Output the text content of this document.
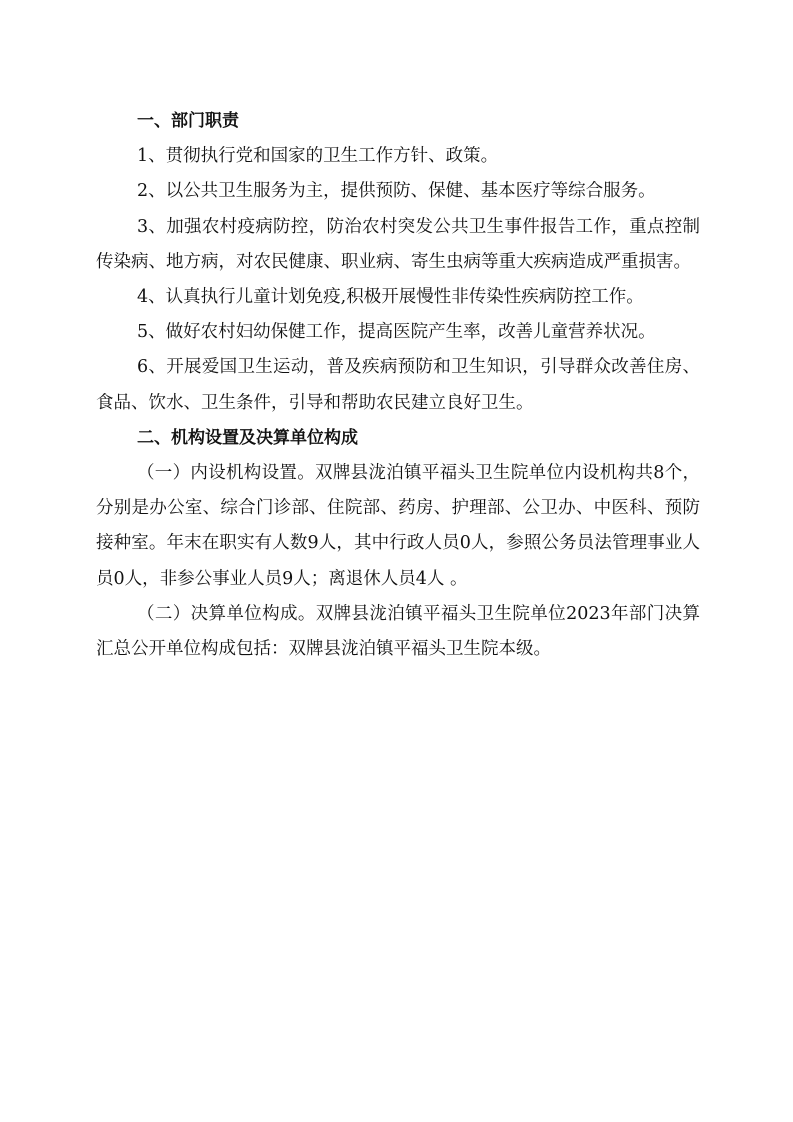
一、部门职责

1、贯彻执行党和国家的卫生工作方针、政策。

2、以公共卫生服务为主，提供预防、保健、基本医疗等综合服务。

3、加强农村疫病防控，防治农村突发公共卫生事件报告工作，重点控制传染病、地方病，对农民健康、职业病、寄生虫病等重大疾病造成严重损害。

4、认真执行儿童计划免疫,积极开展慢性非传染性疾病防控工作。

5、做好农村妇幼保健工作，提高医院产生率，改善儿童营养状况。

6、开展爱国卫生运动，普及疾病预防和卫生知识，引导群众改善住房、食品、饮水、卫生条件，引导和帮助农民建立良好卫生。

二、机构设置及决算单位构成

（一）内设机构设置。双牌县泷泊镇平福头卫生院单位内设机构共8个，分别是办公室、综合门诊部、住院部、药房、护理部、公卫办、中医科、预防接种室。年末在职实有人数9人，其中行政人员0人，参照公务员法管理事业人员0人，非参公事业人员9人；离退休人员4人 。

（二）决算单位构成。双牌县泷泊镇平福头卫生院单位2023年部门决算汇总公开单位构成包括：双牌县泷泊镇平福头卫生院本级。
